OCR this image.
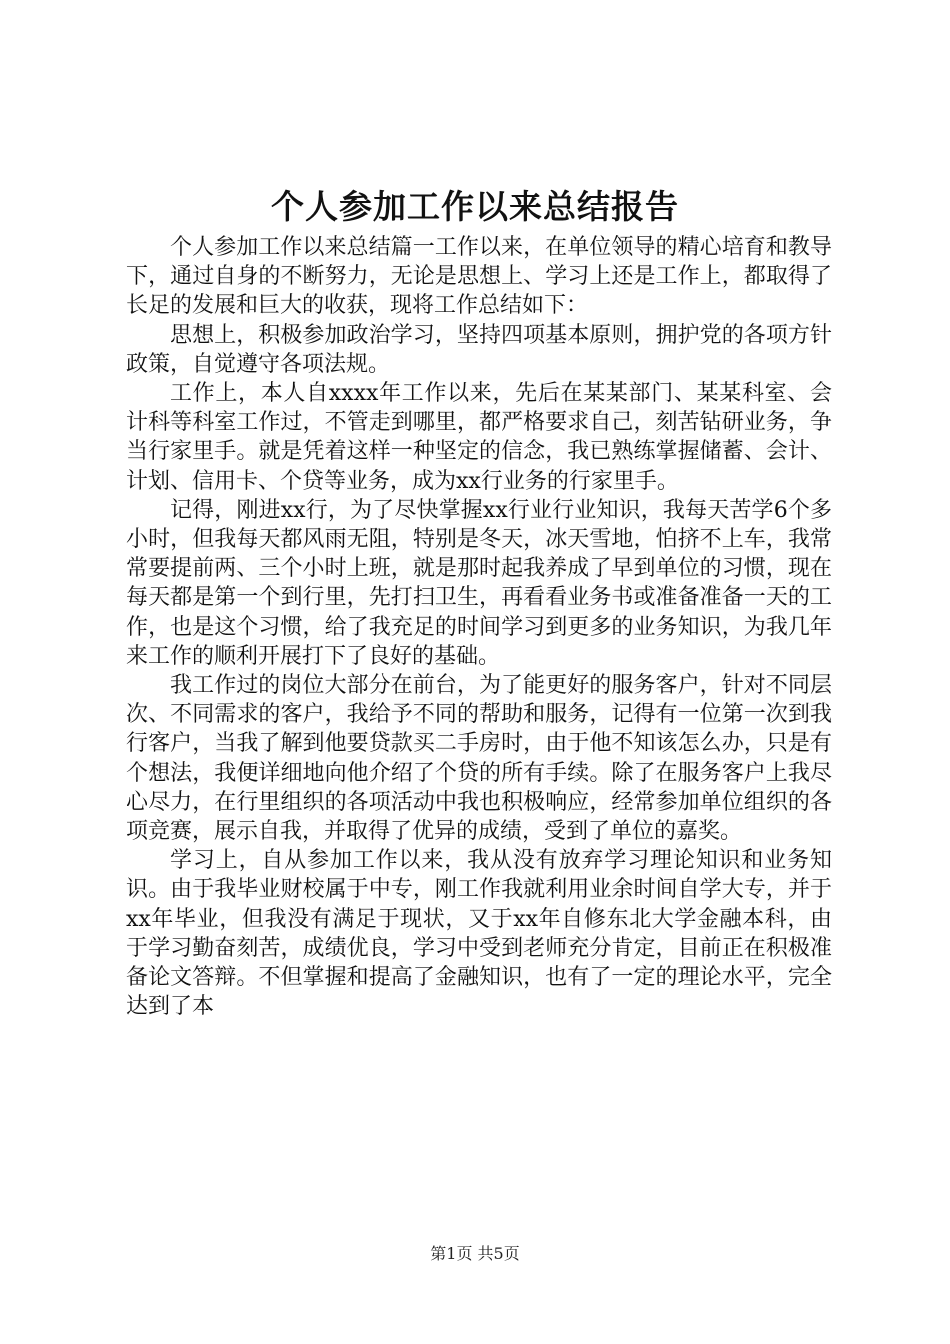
个人参加工作以来总结报告

个人参加工作以来总结篇一工作以来，在单位领导的精心培育和教导下，通过自身的不断努力，无论是思想上、学习上还是工作上，都取得了长足的发展和巨大的收获，现将工作总结如下：

思想上，积极参加政治学习，坚持四项基本原则，拥护党的各项方针政策，自觉遵守各项法规。

工作上，本人自xxxx年工作以来，先后在某某部门、某某科室、会计科等科室工作过，不管走到哪里，都严格要求自己，刻苦钻研业务，争当行家里手。就是凭着这样一种坚定的信念，我已熟练掌握储蓄、会计、计划、信用卡、个贷等业务，成为xx行业务的行家里手。

记得，刚进xx行，为了尽快掌握xx行业行业知识，我每天苦学6个多小时，但我每天都风雨无阻，特别是冬天，冰天雪地，怕挤不上车，我常常要提前两、三个小时上班，就是那时起我养成了早到单位的习惯，现在每天都是第一个到行里，先打扫卫生，再看看业务书或准备准备一天的工作，也是这个习惯，给了我充足的时间学习到更多的业务知识，为我几年来工作的顺利开展打下了良好的基础。

我工作过的岗位大部分在前台，为了能更好的服务客户，针对不同层次、不同需求的客户，我给予不同的帮助和服务，记得有一位第一次到我行客户，当我了解到他要贷款买二手房时，由于他不知该怎么办，只是有个想法，我便详细地向他介绍了个贷的所有手续。除了在服务客户上我尽心尽力，在行里组织的各项活动中我也积极响应，经常参加单位组织的各项竞赛，展示自我，并取得了优异的成绩，受到了单位的嘉奖。

学习上，自从参加工作以来，我从没有放弃学习理论知识和业务知识。由于我毕业财校属于中专，刚工作我就利用业余时间自学大专，并于xx年毕业，但我没有满足于现状，又于xx年自修东北大学金融本科，由于学习勤奋刻苦，成绩优良，学习中受到老师充分肯定，目前正在积极准备论文答辩。不但掌握和提高了金融知识，也有了一定的理论水平，完全达到了本

第1页 共5页
